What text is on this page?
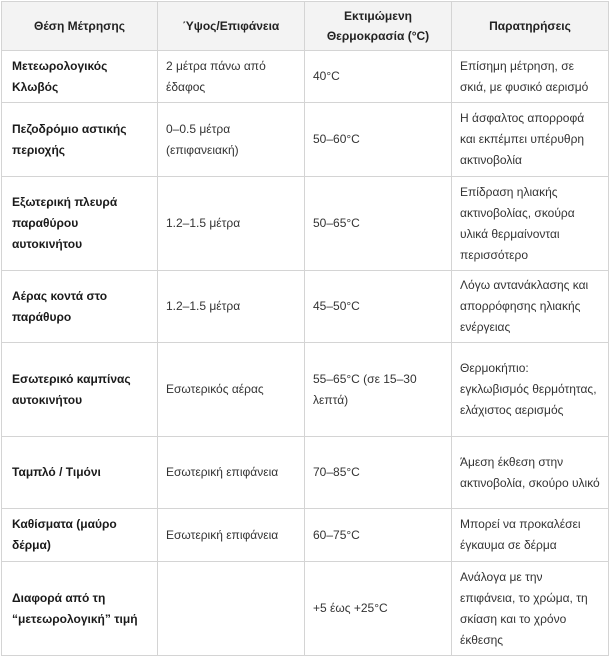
Θέση Μέτρησης	Ύψος/Επιφάνεια	Εκτιμώμενη Θερμοκρασία (°C)	Παρατηρήσεις
Μετεωρολογικός Κλωβός	2 μέτρα πάνω από έδαφος	40°C	Επίσημη μέτρηση, σε σκιά, με φυσικό αερισμό
Πεζοδρόμιο αστικής περιοχής	0–0.5 μέτρα (επιφανειακή)	50–60°C	Η άσφαλτος απορροφά και εκπέμπει υπέρυθρη ακτινοβολία
Εξωτερική πλευρά παραθύρου αυτοκινήτου	1.2–1.5 μέτρα	50–65°C	Επίδραση ηλιακής ακτινοβολίας, σκούρα υλικά θερμαίνονται περισσότερο
Αέρας κοντά στο παράθυρο	1.2–1.5 μέτρα	45–50°C	Λόγω αντανάκλασης και απορρόφησης ηλιακής ενέργειας
Εσωτερικό καμπίνας αυτοκινήτου	Εσωτερικός αέρας	55–65°C (σε 15–30 λεπτά)	Θερμοκήπιο: εγκλωβισμός θερμότητας, ελάχιστος αερισμός
Ταμπλό / Τιμόνι	Εσωτερική επιφάνεια	70–85°C	Άμεση έκθεση στην ακτινοβολία, σκούρο υλικό
Καθίσματα (μαύρο δέρμα)	Εσωτερική επιφάνεια	60–75°C	Μπορεί να προκαλέσει έγκαυμα σε δέρμα
Διαφορά από τη “μετεωρολογική” τιμή		+5 έως +25°C	Ανάλογα με την επιφάνεια, το χρώμα, τη σκίαση και το χρόνο έκθεσης
